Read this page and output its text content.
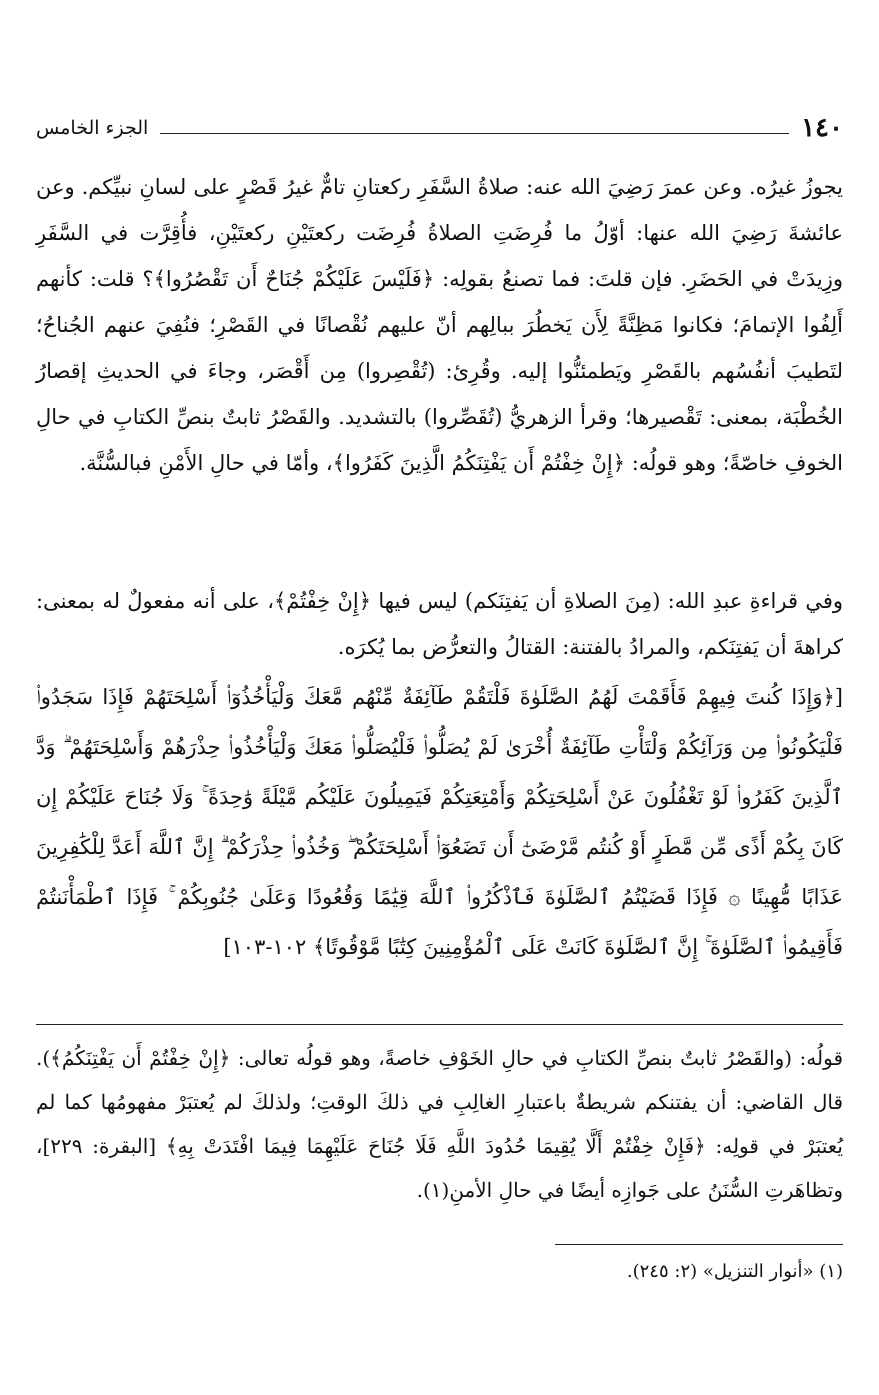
١٤٠
الجزء الخامس

يجوزُ غيرُه. وعن عمرَ رَضِيَ الله عنه: صلاةُ السَّفَرِ ركعتانِ تامٌّ غيرُ قَصْرٍ على لسانِ نبيِّكم. وعن عائشةَ رَضِيَ الله عنها: أوّلُ ما فُرِضَتِ الصلاةُ فُرِضَت ركعتَيْنِ ركعتَيْنِ، فأُقِرَّت في السَّفَرِ وزِيدَتْ في الحَضَرِ. فإن قلتَ: فما تصنعُ بقولِه: ﴿فَلَيْسَ عَلَيْكُمْ جُنَاحٌ أَن تَقْصُرُوا﴾؟ قلت: كأنهم أَلِفُوا الإتمامَ؛ فكانوا مَظِنَّةً لِأَن يَخطُرَ ببالِهم أنّ عليهم نُقْصانًا في القَصْرِ؛ فنُفِيَ عنهم الجُناحُ؛ لتَطيبَ أنفُسُهم بالقَصْرِ ويَطمئنُّوا إليه. وقُرِئ: (تُقْصِروا) مِن أَقْصَر، وجاءَ في الحديثِ إقصارُ الخُطْبَة، بمعنى: تَقْصيرها؛ وقرأ الزهريُّ (تُقَصِّروا) بالتشديد. والقَصْرُ ثابتٌ بنصِّ الكتابِ في حالِ الخوفِ خاصّةً؛ وهو قولُه: ﴿إِنْ خِفْتُمْ أَن يَفْتِنَكُمُ الَّذِينَ كَفَرُوا﴾، وأمّا في حالِ الأَمْنِ فبالسُّنَّة.

وفي قراءةِ عبدِ الله: (مِنَ الصلاةِ أن يَفتِنَكم) ليس فيها ﴿إِنْ خِفْتُمْ﴾، على أنه مفعولٌ له بمعنى: كراهةَ أن يَفتِنَكم، والمرادُ بالفتنة: القتالُ والتعرُّض بما يُكرَه.

[﴿وَإِذَا كُنتَ فِيهِمْ فَأَقَمْتَ لَهُمُ الصَّلَوٰةَ فَلْتَقُمْ طَآئِفَةٌ مِّنْهُم مَّعَكَ وَلْيَأْخُذُوٓا۟ أَسْلِحَتَهُمْ فَإِذَا سَجَدُوا۟ فَلْيَكُونُوا۟ مِن وَرَآئِكُمْ وَلْتَأْتِ طَآئِفَةٌ أُخْرَىٰ لَمْ يُصَلُّوا۟ فَلْيُصَلُّوا۟ مَعَكَ وَلْيَأْخُذُوا۟ حِذْرَهُمْ وَأَسْلِحَتَهُمْ ۗ وَدَّ ٱلَّذِينَ كَفَرُوا۟ لَوْ تَغْفُلُونَ عَنْ أَسْلِحَتِكُمْ وَأَمْتِعَتِكُمْ فَيَمِيلُونَ عَلَيْكُم مَّيْلَةً وَٰحِدَةً ۚ وَلَا جُنَاحَ عَلَيْكُمْ إِن كَانَ بِكُمْ أَذًى مِّن مَّطَرٍ أَوْ كُنتُم مَّرْضَىٰٓ أَن تَضَعُوٓا۟ أَسْلِحَتَكُمْ ۖ وَخُذُوا۟ حِذْرَكُمْ ۗ إِنَّ ٱللَّهَ أَعَدَّ لِلْكَٰفِرِينَ عَذَابًا مُّهِينًا ۞ فَإِذَا قَضَيْتُمُ ٱلصَّلَوٰةَ فَٱذْكُرُوا۟ ٱللَّهَ قِيَٰمًا وَقُعُودًا وَعَلَىٰ جُنُوبِكُمْ ۚ فَإِذَا ٱطْمَأْنَنتُمْ فَأَقِيمُوا۟ ٱلصَّلَوٰةَ ۚ إِنَّ ٱلصَّلَوٰةَ كَانَتْ عَلَى ٱلْمُؤْمِنِينَ كِتَٰبًا مَّوْقُوتًا﴾ ١٠٢-١٠٣]

قولُه: (والقَصْرُ ثابتٌ بنصِّ الكتابِ في حالِ الخَوْفِ خاصةً، وهو قولُه تعالى: ﴿إِنْ خِفْتُمْ أَن يَفْتِنَكُمُ﴾). قال القاضي: أن يفتنكم شريطةٌ باعتبارِ الغالِبِ في ذلكَ الوقتِ؛ ولذلكَ لم يُعتبَرْ مفهومُها كما لم يُعتبَرْ في قولِه: ﴿فَإِنْ خِفْتُمْ أَلَّا يُقِيمَا حُدُودَ اللَّهِ فَلَا جُنَاحَ عَلَيْهِمَا فِيمَا افْتَدَتْ بِهِ﴾ [البقرة: ٢٢٩]، وتظاهَرتِ السُّنَنُ على جَوازِه أيضًا في حالِ الأمنِ(١).

(١) «أنوار التنزيل» (٢: ٢٤٥).
